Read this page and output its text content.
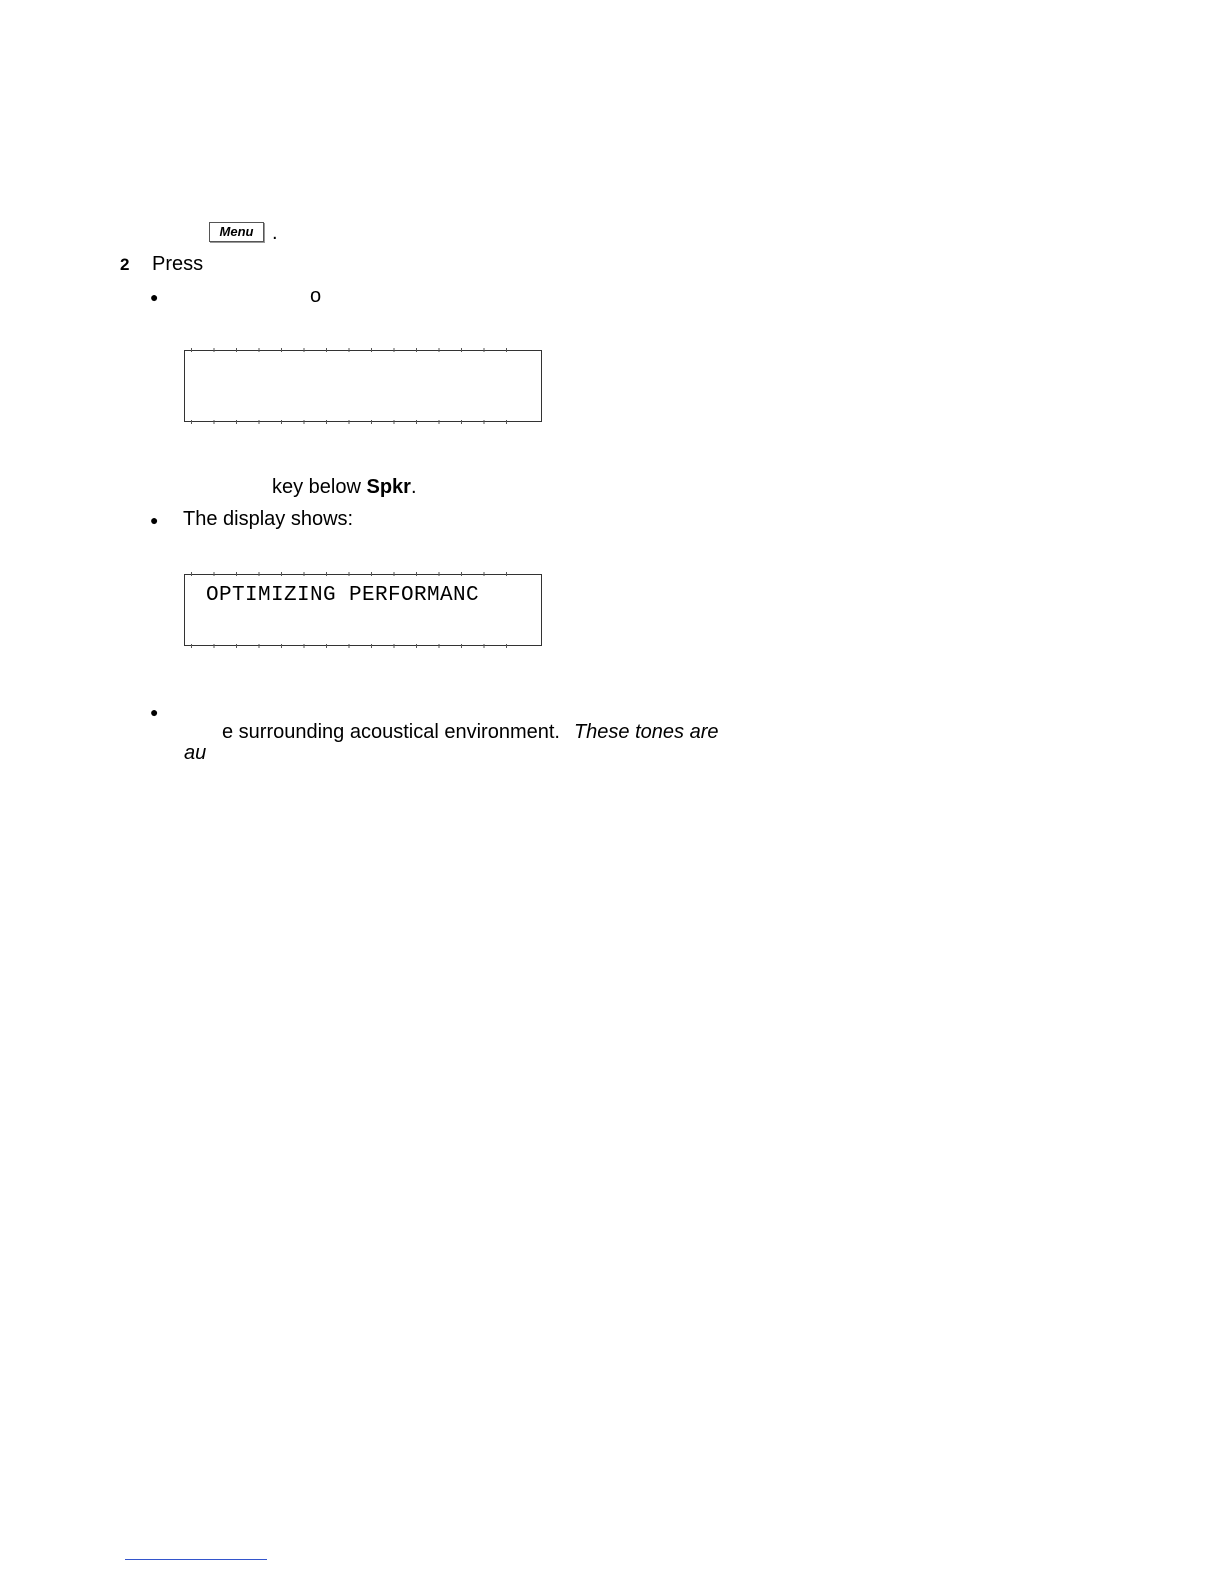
Menu .
2 Press
●	o
key below Spkr.
● The display shows:
OPTIMIZING PERFORMANC
●
e surrounding acoustical environment. These tones are
au
